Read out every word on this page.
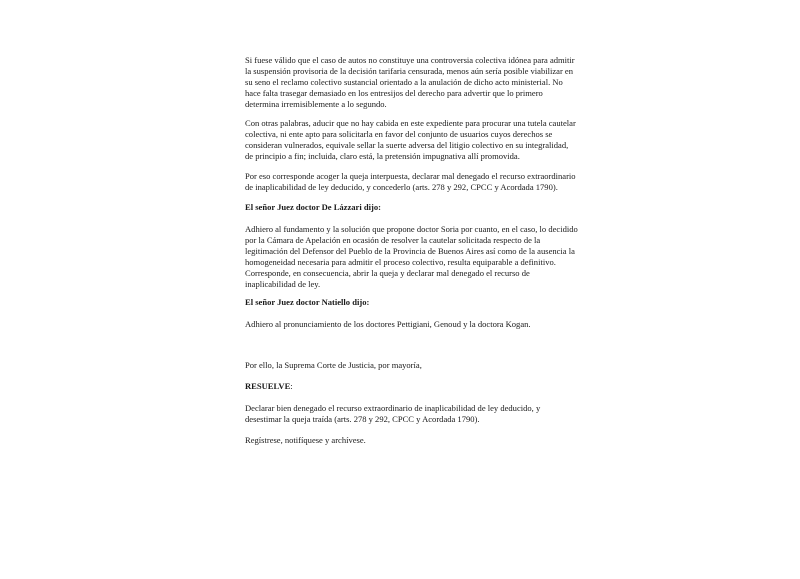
Si fuese válido que el caso de autos no constituye una controversia colectiva idónea para admitir
la suspensión provisoria de la decisión tarifaria censurada, menos aún sería posible viabilizar en
su seno el reclamo colectivo sustancial orientado a la anulación de dicho acto ministerial. No
hace falta trasegar demasiado en los entresijos del derecho para advertir que lo primero
determina irremisiblemente a lo segundo.
Con otras palabras, aducir que no hay cabida en este expediente para procurar una tutela cautelar
colectiva, ni ente apto para solicitarla en favor del conjunto de usuarios cuyos derechos se
consideran vulnerados, equivale sellar la suerte adversa del litigio colectivo en su integralidad,
de principio a fin; incluida, claro está, la pretensión impugnativa allí promovida.
Por eso corresponde acoger la queja interpuesta, declarar mal denegado el recurso extraordinario
de inaplicabilidad de ley deducido, y concederlo (arts. 278 y 292, CPCC y Acordada 1790).
El señor Juez doctor De Lázzari dijo:
Adhiero al fundamento y la solución que propone doctor Soria por cuanto, en el caso, lo decidido
por la Cámara de Apelación en ocasión de resolver la cautelar solicitada respecto de la
legitimación del Defensor del Pueblo de la Provincia de Buenos Aires así como de la ausencia la
homogeneidad necesaria para admitir el proceso colectivo, resulta equiparable a definitivo.
Corresponde, en consecuencia, abrir la queja y declarar mal denegado el recurso de
inaplicabilidad de ley.
El señor Juez doctor Natiello dijo:
Adhiero al pronunciamiento de los doctores Pettigiani, Genoud y la doctora Kogan.
Por ello, la Suprema Corte de Justicia, por mayoría,
RESUELVE:
Declarar bien denegado el recurso extraordinario de inaplicabilidad de ley deducido, y
desestimar la queja traída (arts. 278 y 292, CPCC y Acordada 1790).
Regístrese, notifíquese y archívese.
